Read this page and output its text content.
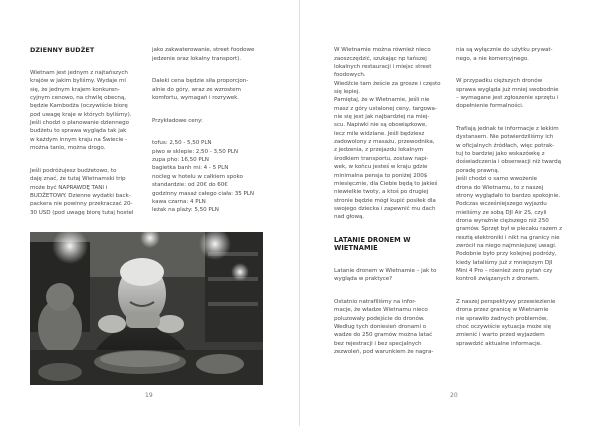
DZIENNY BUDŻET

Wietnam jest jednym z najtańszych
krajów w jakim byliśmy. Wydaje mi
się, że jednym krajem konkuren-
cyjnym cenowo, na chwilę obecną,
będzie Kambodża (oczywiście biorę
pod uwagę kraje w których byliśmy).
Jeśli chodzi o planowanie dziennego
budżetu to sprawa wygląda tak jak
w każdym innym kraju na Świecie -
można tanio, można drogo.

Jeśli podróżujesz budżetowo, to
daję znać, że tutaj Wietnamski trip
może być NAPRAWDĘ TANI i
BUDŻETOWY. Dzienne wydatki back-
packera nie powinny przekraczać 20-
30 USD (pod uwagę biorę tutaj hostel

jako zakwaterowanie, street foodowe
jedzenie oraz lokalny transport).

Daleki cena będzie siła proporcjon-
alnie do góry, wraz ze wzrostem
komfortu, wymagań i rozrywek.

Przykładowe ceny:

tofus: 2,50 - 5,50 PLN
piwo w sklepie: 2,50 - 3,50 PLN
zupa pho: 16,50 PLN
bagietka banh mi: 4 - 5 PLN
nocleg w hotelu w całkiem spoko
standardzie: od 20€ do 60€
godzinny masaż całego ciała: 35 PLN
kawa czarna: 4 PLN
leżak na plaży: 5,50 PLN

19

W Wietnamie można również nieco
zaoszczędzić, szukając np tańszej
lokalnych restauracji i miejsc street
foodowych.
Wiedźcie tam żeście za grosze i często
się lepiej.
Pamiętaj, że w Wietnamie, jeśli nie
masz z góry ustalonej ceny, targowa-
nie się jest jak najbardziej na miej-
scu. Napiwki nie są obowiązkowe,
lecz mile widziane. Jeśli będziesz
zadowolony z masażu, przewodnika,
z jedzenia, z przejazdu lokalnym
środkiem transportu, zostaw napi-
wek, w końcu jesteś w kraju gdzie
minimalna pensja to poniżej 200$
miesięcznie, dla Ciebie będą to jakieś
niewielkie twoty, a ktoś po drugiej
stronie będzie mógł kupić posiłek dla
swojego dziecka i zapewnić mu dach
nad głową.

LATANIE DRONEM W WIETNAMIE

Latanie dronem w Wietnamie – jak to
wygląda w praktyce?

Ostatnio natrafiliśmy na infor-
macje, że władze Wietnamu nieco
poluzowały podejście do dronów.
Według tych doniesień dronami o
wadze do 250 gramów można latać
bez rejestracji i bez specjalnych
zezwoleń, pod warunkiem że nagra-

nia są wyłącznie do użytku prywat-
nego, a nie komercyjnego.

W przypadku cięższych dronów
sprawa wygląda już mniej swobodnie
– wymagane jest zgłoszenie sprzętu i
dopełnienie formalności.

Trafiają jednak te informacje z lekkim
dystansem. Nie potwierdziliśmy ich
w oficjalnych źródłach, więc potrak-
tuj to bardziej jako wskazówkę z
doświadczenia i obserwacji niż twardą
poradę prawną.
Jeśli chodzi o samo wwożenie
drona do Wietnamu, to z naszej
strony wyglądało to bardzo spokojnie.
Podczas wcześniejszego wyjazdu
mieliśmy ze sobą DJI Air 2S, czyli
drona wyraźnie cięższego niż 250
gramów. Sprzęt był w plecaku razem z
resztą elektroniki i nikt na granicy nie
zwrócił na niego najmniejszej uwagi.
Podobnie było przy kolejnej podróży,
kiedy lataliśmy już z mniejszym DJI
Mini 4 Pro – również zero pytań czy
kontroli związanych z dronem.

Z naszej perspektywy przewiezienie
drona przez granicę w Wietnamie
nie sprawiło żadnych problemów,
choć oczywiście sytuacja może się
zmienić i warto przed wyjazdem
sprawdzić aktualne informacje.

20
